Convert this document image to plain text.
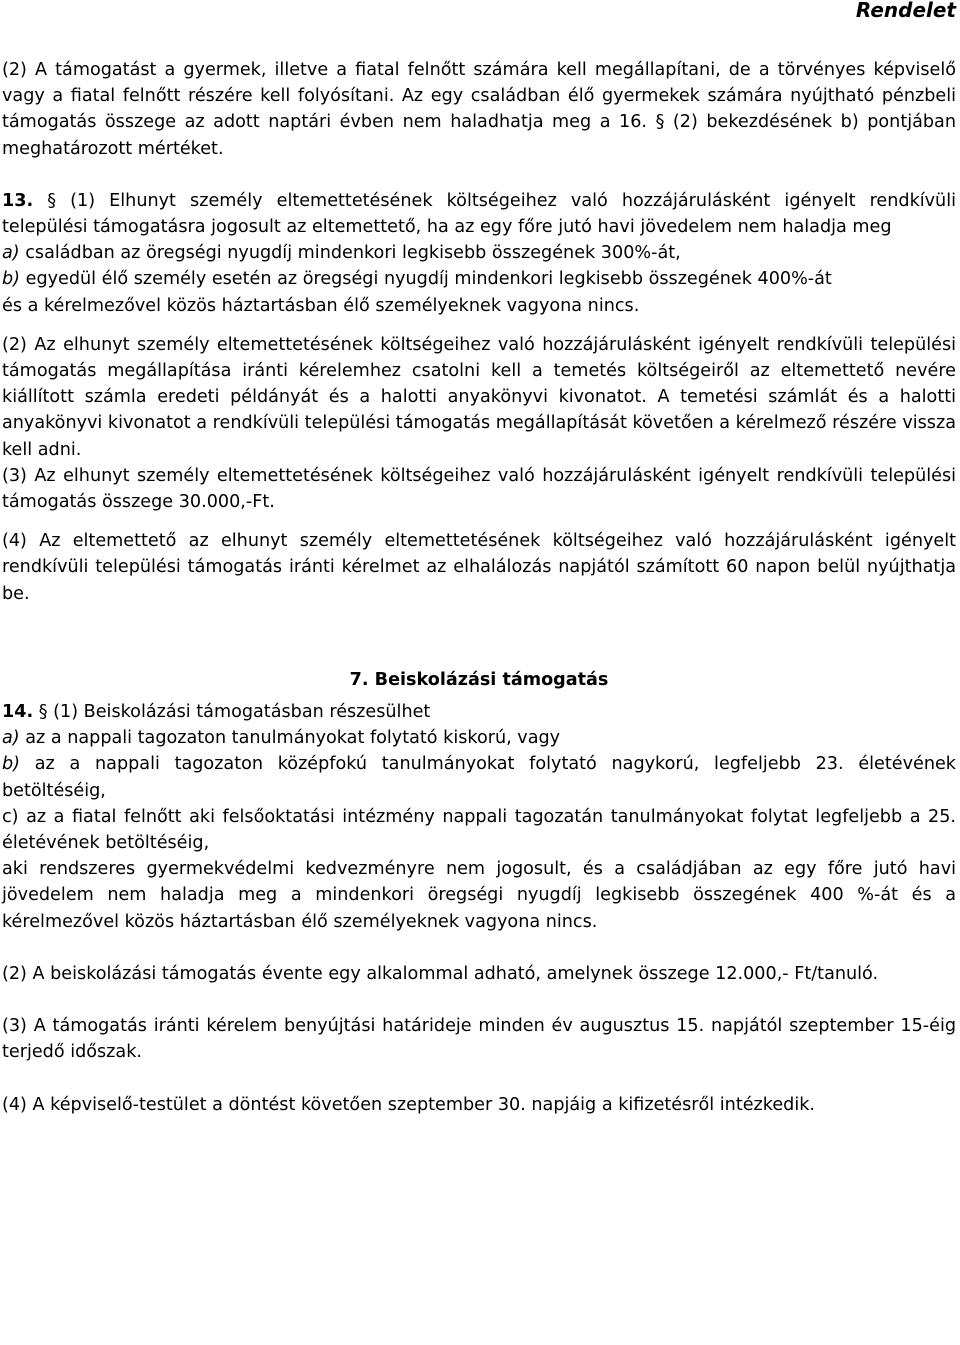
Rendelet

(2) A támogatást a gyermek, illetve a fiatal felnőtt számára kell megállapítani, de a törvényes képviselő vagy a fiatal felnőtt részére kell folyósítani. Az egy családban élő gyermekek számára nyújtható pénzbeli támogatás összege az adott naptári évben nem haladhatja meg a 16. § (2) bekezdésének b) pontjában meghatározott mértéket.

13. § (1) Elhunyt személy eltemettetésének költségeihez való hozzájárulásként igényelt rendkívüli települési támogatásra jogosult az eltemettető, ha az egy főre jutó havi jövedelem nem haladja meg

a) családban az öregségi nyugdíj mindenkori legkisebb összegének 300%-át,

b) egyedül élő személy esetén az öregségi nyugdíj mindenkori legkisebb összegének 400%-át

és a kérelmezővel közös háztartásban élő személyeknek vagyona nincs.

(2) Az elhunyt személy eltemettetésének költségeihez való hozzájárulásként igényelt rendkívüli települési támogatás megállapítása iránti kérelemhez csatolni kell a temetés költségeiről az eltemettető nevére kiállított számla eredeti példányát és a halotti anyakönyvi kivonatot. A temetési számlát és a halotti anyakönyvi kivonatot a rendkívüli települési támogatás megállapítását követően a kérelmező részére vissza kell adni.

(3) Az elhunyt személy eltemettetésének költségeihez való hozzájárulásként igényelt rendkívüli települési támogatás összege 30.000,-Ft.

(4) Az eltemettető az elhunyt személy eltemettetésének költségeihez való hozzájárulásként igényelt rendkívüli települési támogatás iránti kérelmet az elhalálozás napjától számított 60 napon belül nyújthatja be.

7. Beiskolázási támogatás

14. § (1) Beiskolázási támogatásban részesülhet

a) az a nappali tagozaton tanulmányokat folytató kiskorú, vagy

b) az a nappali tagozaton középfokú tanulmányokat folytató nagykorú, legfeljebb 23. életévének betöltéséig,

c) az a fiatal felnőtt aki felsőoktatási intézmény nappali tagozatán tanulmányokat folytat legfeljebb a 25. életévének betöltéséig,

aki rendszeres gyermekvédelmi kedvezményre nem jogosult, és a családjában az egy főre jutó havi jövedelem nem haladja meg a mindenkori öregségi nyugdíj legkisebb összegének 400 %-át és a kérelmezővel közös háztartásban élő személyeknek vagyona nincs.

(2) A beiskolázási támogatás évente egy alkalommal adható, amelynek összege 12.000,- Ft/tanuló.

(3) A támogatás iránti kérelem benyújtási határideje minden év augusztus 15. napjától szeptember 15-éig terjedő időszak.

(4) A képviselő-testület a döntést követően szeptember 30. napjáig a kifizetésről intézkedik.
